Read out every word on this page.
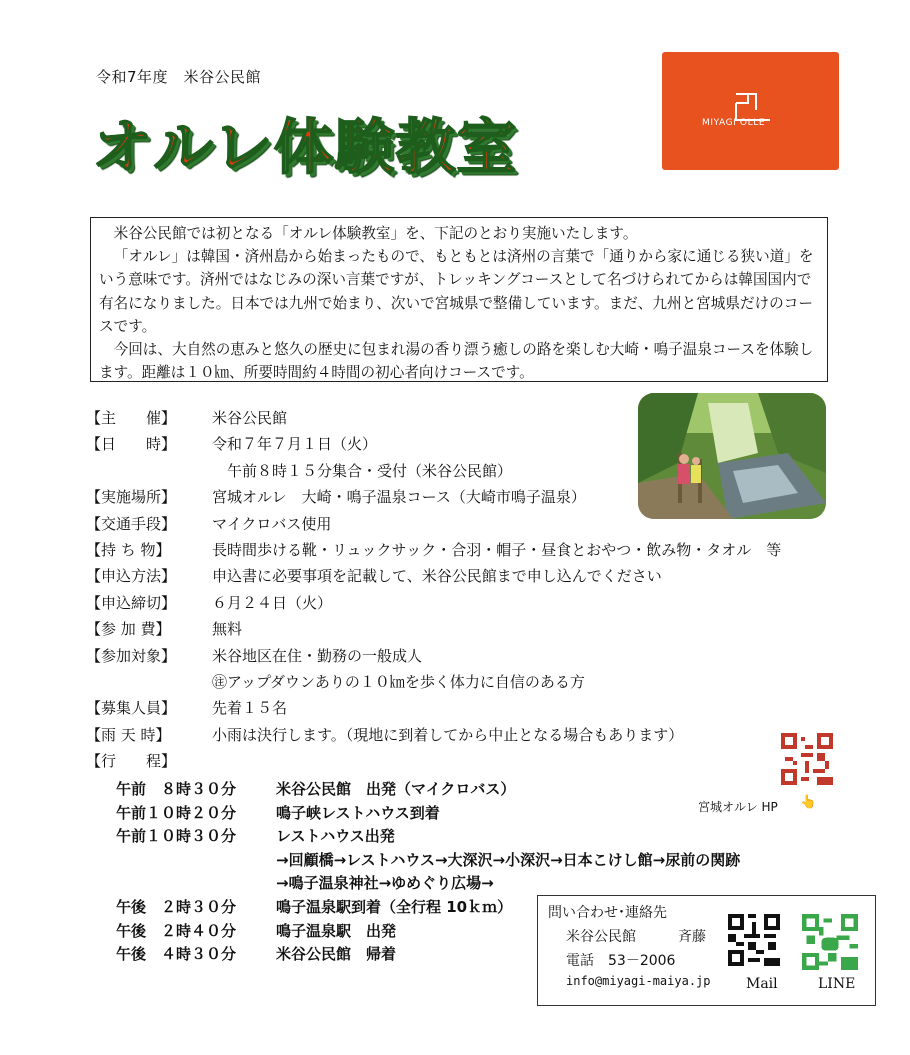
令和7年度　米谷公民館
オルレ体験教室	MIYAGI OLLE

米谷公民館では初となる「オルレ体験教室」を、下記のとおり実施いたします。

「オルレ」は韓国・済州島から始まったもので、もともとは済州の言葉で「通りから家に通じる狭い道」をいう意味です。済州ではなじみの深い言葉ですが、トレッキングコースとして名づけられてからは韓国国内で有名になりました。日本では九州で始まり、次いで宮城県で整備しています。まだ、九州と宮城県だけのコースです。

今回は、大自然の恵みと悠久の歴史に包まれ湯の香り漂う癒しの路を楽しむ大崎・鳴子温泉コースを体験します。距離は１０㎞、所要時間約４時間の初心者向けコースです。

【主　　催】	米谷公民館
【日　　時】	令和７年７月１日（火）
　午前８時１５分集合・受付（米谷公民館）
【実施場所】	宮城オルレ　大崎・鳴子温泉コース（大崎市鳴子温泉）
【交通手段】	マイクロバス使用
【持 ち 物】	長時間歩ける靴・リュックサック・合羽・帽子・昼食とおやつ・飲み物・タオル　等
【申込方法】	申込書に必要事項を記載して、米谷公民館まで申し込んでください
【申込締切】	６月２４日（火）
【参 加 費】	無料
【参加対象】	米谷地区在住・勤務の一般成人
㊟アップダウンありの１０㎞を歩く体力に自信のある方
【募集人員】	先着１５名
【雨 天 時】	小雨は決行します。（現地に到着してから中止となる場合もあります）
【行　　程】
宮城オルレ HP 👆
午前　８時３０分	米谷公民館　出発（マイクロバス）
午前１０時２０分	鳴子峡レストハウス到着
午前１０時３０分	レストハウス出発
→回顧橋→レストハウス→大深沢→小深沢→日本こけし館→尿前の関跡
→鳴子温泉神社→ゆめぐり広場→
午後　２時３０分	鳴子温泉駅到着（全行程 10ｋｍ）
午後　２時４０分	鳴子温泉駅　出発
午後　４時３０分	米谷公民館　帰着
問い合わせ･連絡先
米谷公民館	斉藤
電話　53－2006
info@miyagi-maiya.jp	Mail	LINE
